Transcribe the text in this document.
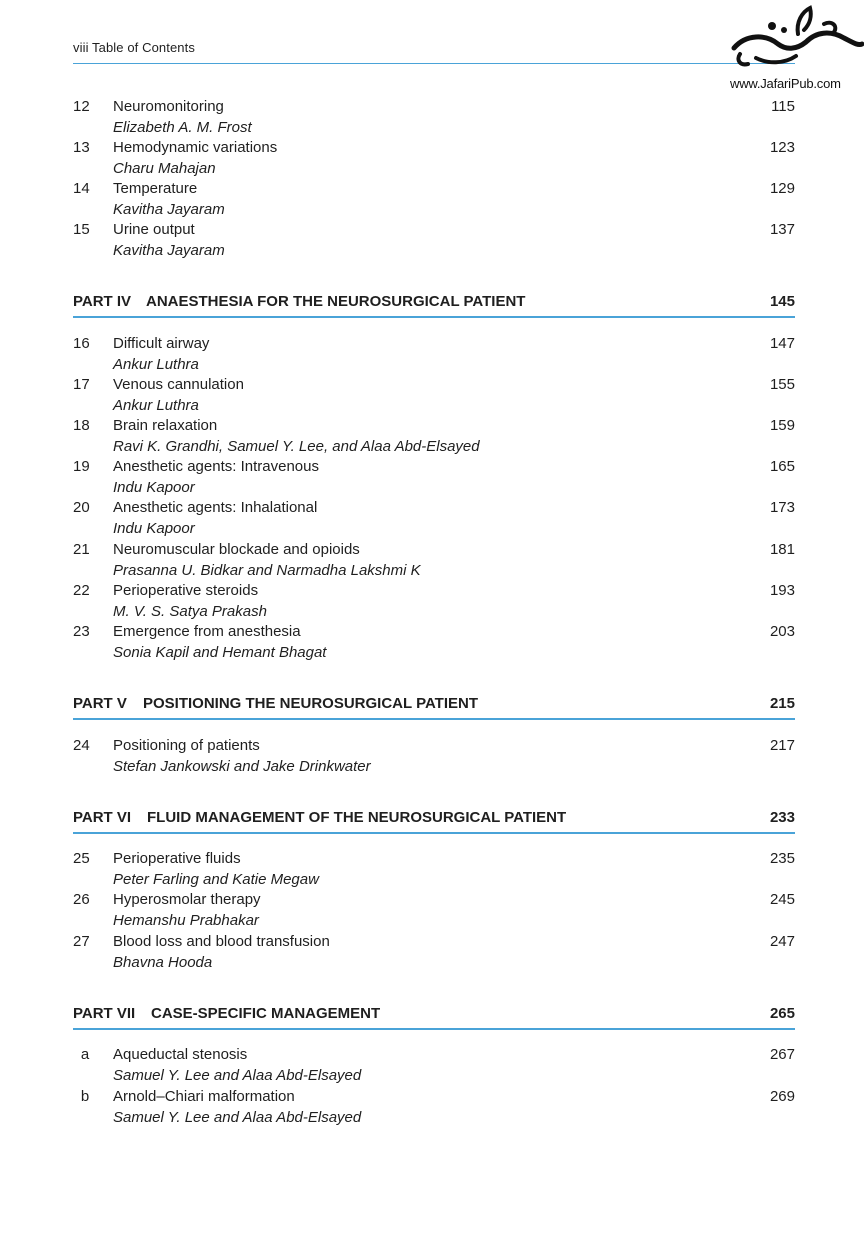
viii Table of Contents
www.JafariPub.com
12	Neuromonitoring	115
Elizabeth A. M. Frost
13	Hemodynamic variations	123
Charu Mahajan
14	Temperature	129
Kavitha Jayaram
15	Urine output	137
Kavitha Jayaram
PART IV ANAESTHESIA FOR THE NEUROSURGICAL PATIENT	145
16	Difficult airway	147
Ankur Luthra
17	Venous cannulation	155
Ankur Luthra
18	Brain relaxation	159
Ravi K. Grandhi, Samuel Y. Lee, and Alaa Abd-Elsayed
19	Anesthetic agents: Intravenous	165
Indu Kapoor
20	Anesthetic agents: Inhalational	173
Indu Kapoor
21	Neuromuscular blockade and opioids	181
Prasanna U. Bidkar and Narmadha Lakshmi K
22	Perioperative steroids	193
M. V. S. Satya Prakash
23	Emergence from anesthesia	203
Sonia Kapil and Hemant Bhagat
PART V POSITIONING THE NEUROSURGICAL PATIENT	215
24	Positioning of patients	217
Stefan Jankowski and Jake Drinkwater
PART VI FLUID MANAGEMENT OF THE NEUROSURGICAL PATIENT	233
25	Perioperative fluids	235
Peter Farling and Katie Megaw
26	Hyperosmolar therapy	245
Hemanshu Prabhakar
27	Blood loss and blood transfusion	247
Bhavna Hooda
PART VII CASE-SPECIFIC MANAGEMENT	265
a	Aqueductal stenosis	267
Samuel Y. Lee and Alaa Abd-Elsayed
b	Arnold–Chiari malformation	269
Samuel Y. Lee and Alaa Abd-Elsayed
